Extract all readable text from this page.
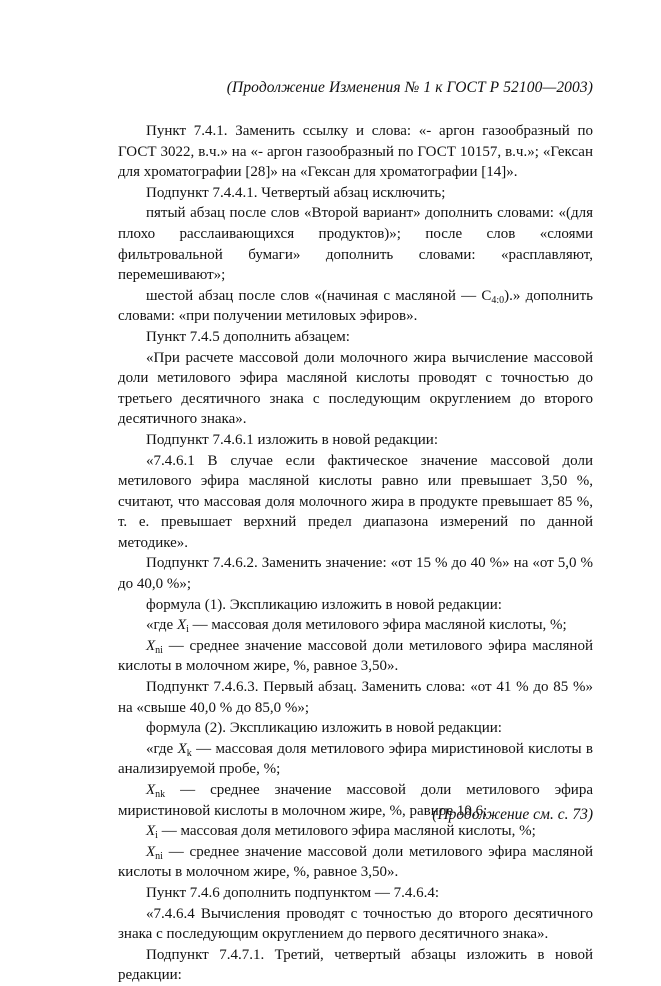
(Продолжение Изменения № 1 к ГОСТ Р 52100—2003)

Пункт 7.4.1. Заменить ссылку и слова: «- аргон газообразный по ГОСТ 3022, в.ч.» на «- аргон газообразный по ГОСТ 10157, в.ч.»; «Гексан для хроматографии [28]» на «Гексан для хроматографии [14]».

Подпункт 7.4.4.1. Четвертый абзац исключить;

пятый абзац после слов «Второй вариант» дополнить словами: «(для плохо расслаивающихся продуктов)»; после слов «слоями фильтровальной бумаги» дополнить словами: «расплавляют, перемешивают»;

шестой абзац после слов «(начиная с масляной — $C_{4:0}$).» дополнить словами: «при получении метиловых эфиров».

Пункт 7.4.5 дополнить абзацем:

«При расчете массовой доли молочного жира вычисление массовой доли метилового эфира масляной кислоты проводят с точностью до третьего десятичного знака с последующим округлением до второго десятичного знака».

Подпункт 7.4.6.1 изложить в новой редакции:

«7.4.6.1 В случае если фактическое значение массовой доли метилового эфира масляной кислоты равно или превышает 3,50 %, считают, что массовая доля молочного жира в продукте превышает 85 %, т. е. превышает верхний предел диапазона измерений по данной методике».

Подпункт 7.4.6.2. Заменить значение: «от 15 % до 40 %» на «от 5,0 % до 40,0 %»;

формула (1). Экспликацию изложить в новой редакции:

«где $X_i$ — массовая доля метилового эфира масляной кислоты, %;

$X_{ni}$ — среднее значение массовой доли метилового эфира масляной кислоты в молочном жире, %, равное 3,50».

Подпункт 7.4.6.3. Первый абзац. Заменить слова: «от 41 % до 85 %» на «свыше 40,0 % до 85,0 %»;

формула (2). Экспликацию изложить в новой редакции:

«где $X_k$ — массовая доля метилового эфира миристиновой кислоты в анализируемой пробе, %;

$X_{nk}$ — среднее значение массовой доли метилового эфира миристиновой кислоты в молочном жире, %, равное 10,6;

$X_i$ — массовая доля метилового эфира масляной кислоты, %;

$X_{ni}$ — среднее значение массовой доли метилового эфира масляной кислоты в молочном жире, %, равное 3,50».

Пункт 7.4.6 дополнить подпунктом — 7.4.6.4:

«7.4.6.4 Вычисления проводят с точностью до второго десятичного знака с последующим округлением до первого десятичного знака».

Подпункт 7.4.7.1. Третий, четвертый абзацы изложить в новой редакции:

(Продолжение см. с. 73)
